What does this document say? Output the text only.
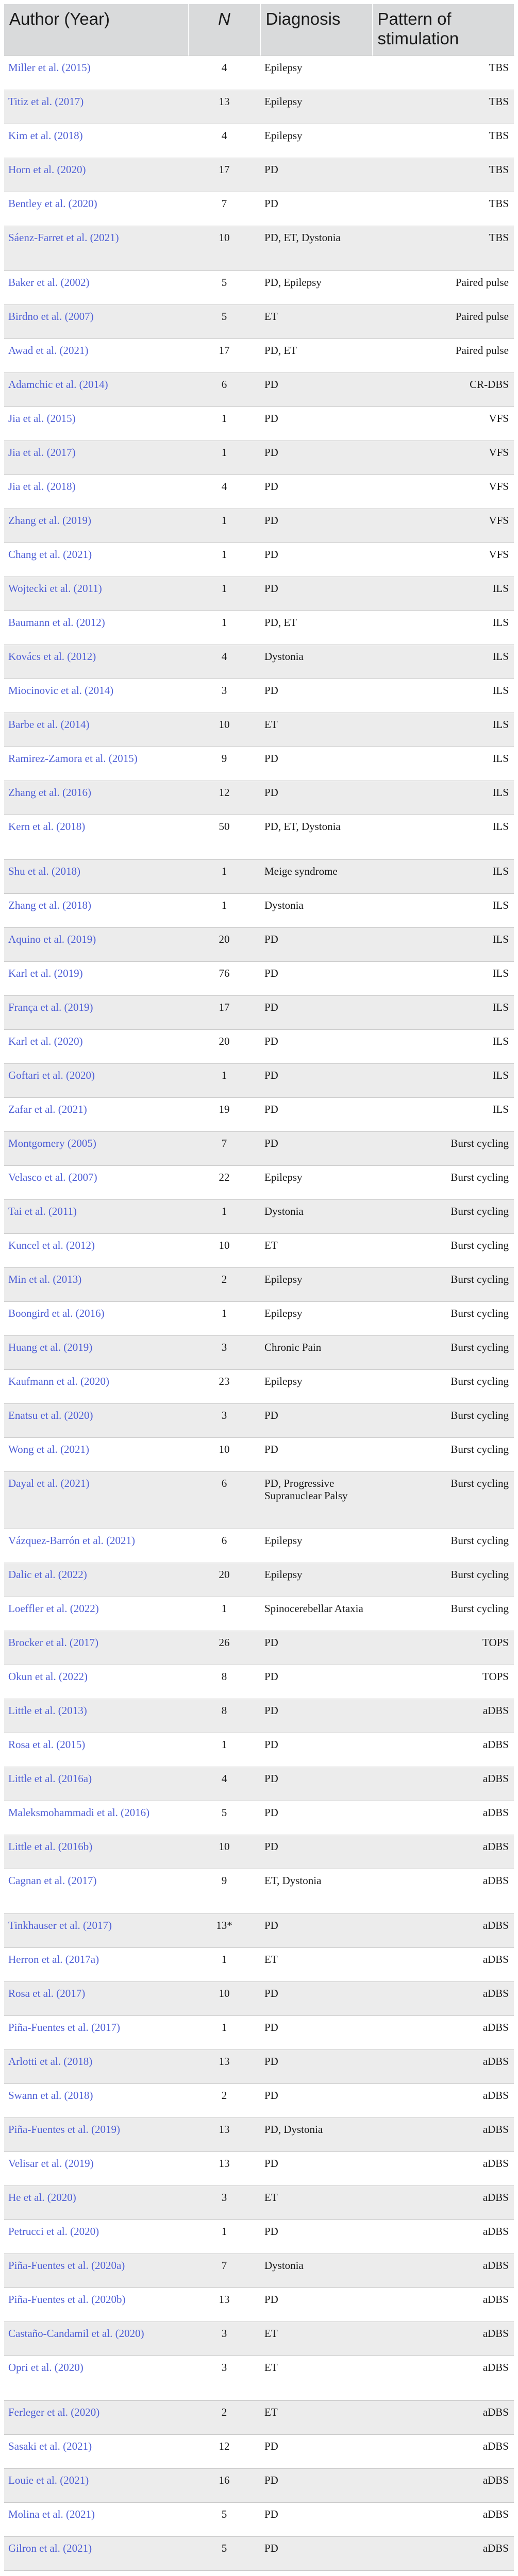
Author (Year)	N	Diagnosis	Pattern of
stimulation
Miller et al. (2015)	4	Epilepsy	TBS
Titiz et al. (2017)	13	Epilepsy	TBS
Kim et al. (2018)	4	Epilepsy	TBS
Horn et al. (2020)	17	PD	TBS
Bentley et al. (2020)	7	PD	TBS
Sáenz-Farret et al. (2021)	10	PD, ET, Dystonia	TBS
Baker et al. (2002)	5	PD, Epilepsy	Paired pulse
Birdno et al. (2007)	5	ET	Paired pulse
Awad et al. (2021)	17	PD, ET	Paired pulse
Adamchic et al. (2014)	6	PD	CR-DBS
Jia et al. (2015)	1	PD	VFS
Jia et al. (2017)	1	PD	VFS
Jia et al. (2018)	4	PD	VFS
Zhang et al. (2019)	1	PD	VFS
Chang et al. (2021)	1	PD	VFS
Wojtecki et al. (2011)	1	PD	ILS
Baumann et al. (2012)	1	PD, ET	ILS
Kovács et al. (2012)	4	Dystonia	ILS
Miocinovic et al. (2014)	3	PD	ILS
Barbe et al. (2014)	10	ET	ILS
Ramirez-Zamora et al. (2015)	9	PD	ILS
Zhang et al. (2016)	12	PD	ILS
Kern et al. (2018)	50	PD, ET, Dystonia	ILS
Shu et al. (2018)	1	Meige syndrome	ILS
Zhang et al. (2018)	1	Dystonia	ILS
Aquino et al. (2019)	20	PD	ILS
Karl et al. (2019)	76	PD	ILS
França et al. (2019)	17	PD	ILS
Karl et al. (2020)	20	PD	ILS
Goftari et al. (2020)	1	PD	ILS
Zafar et al. (2021)	19	PD	ILS
Montgomery (2005)	7	PD	Burst cycling
Velasco et al. (2007)	22	Epilepsy	Burst cycling
Tai et al. (2011)	1	Dystonia	Burst cycling
Kuncel et al. (2012)	10	ET	Burst cycling
Min et al. (2013)	2	Epilepsy	Burst cycling
Boongird et al. (2016)	1	Epilepsy	Burst cycling
Huang et al. (2019)	3	Chronic Pain	Burst cycling
Kaufmann et al. (2020)	23	Epilepsy	Burst cycling
Enatsu et al. (2020)	3	PD	Burst cycling
Wong et al. (2021)	10	PD	Burst cycling
Dayal et al. (2021)	6	PD, Progressive Supranuclear Palsy	Burst cycling
Vázquez-Barrón et al. (2021)	6	Epilepsy	Burst cycling
Dalic et al. (2022)	20	Epilepsy	Burst cycling
Loeffler et al. (2022)	1	Spinocerebellar Ataxia	Burst cycling
Brocker et al. (2017)	26	PD	TOPS
Okun et al. (2022)	8	PD	TOPS
Little et al. (2013)	8	PD	aDBS
Rosa et al. (2015)	1	PD	aDBS
Little et al. (2016a)	4	PD	aDBS
Maleksmohammadi et al. (2016)	5	PD	aDBS
Little et al. (2016b)	10	PD	aDBS
Cagnan et al. (2017)	9	ET, Dystonia	aDBS
Tinkhauser et al. (2017)	13*	PD	aDBS
Herron et al. (2017a)	1	ET	aDBS
Rosa et al. (2017)	10	PD	aDBS
Piña-Fuentes et al. (2017)	1	PD	aDBS
Arlotti et al. (2018)	13	PD	aDBS
Swann et al. (2018)	2	PD	aDBS
Piña-Fuentes et al. (2019)	13	PD, Dystonia	aDBS
Velisar et al. (2019)	13	PD	aDBS
He et al. (2020)	3	ET	aDBS
Petrucci et al. (2020)	1	PD	aDBS
Piña-Fuentes et al. (2020a)	7	Dystonia	aDBS
Piña-Fuentes et al. (2020b)	13	PD	aDBS
Castaño-Candamil et al. (2020)	3	ET	aDBS
Opri et al. (2020)	3	ET	aDBS
Ferleger et al. (2020)	2	ET	aDBS
Sasaki et al. (2021)	12	PD	aDBS
Louie et al. (2021)	16	PD	aDBS
Molina et al. (2021)	5	PD	aDBS
Gilron et al. (2021)	5	PD	aDBS
